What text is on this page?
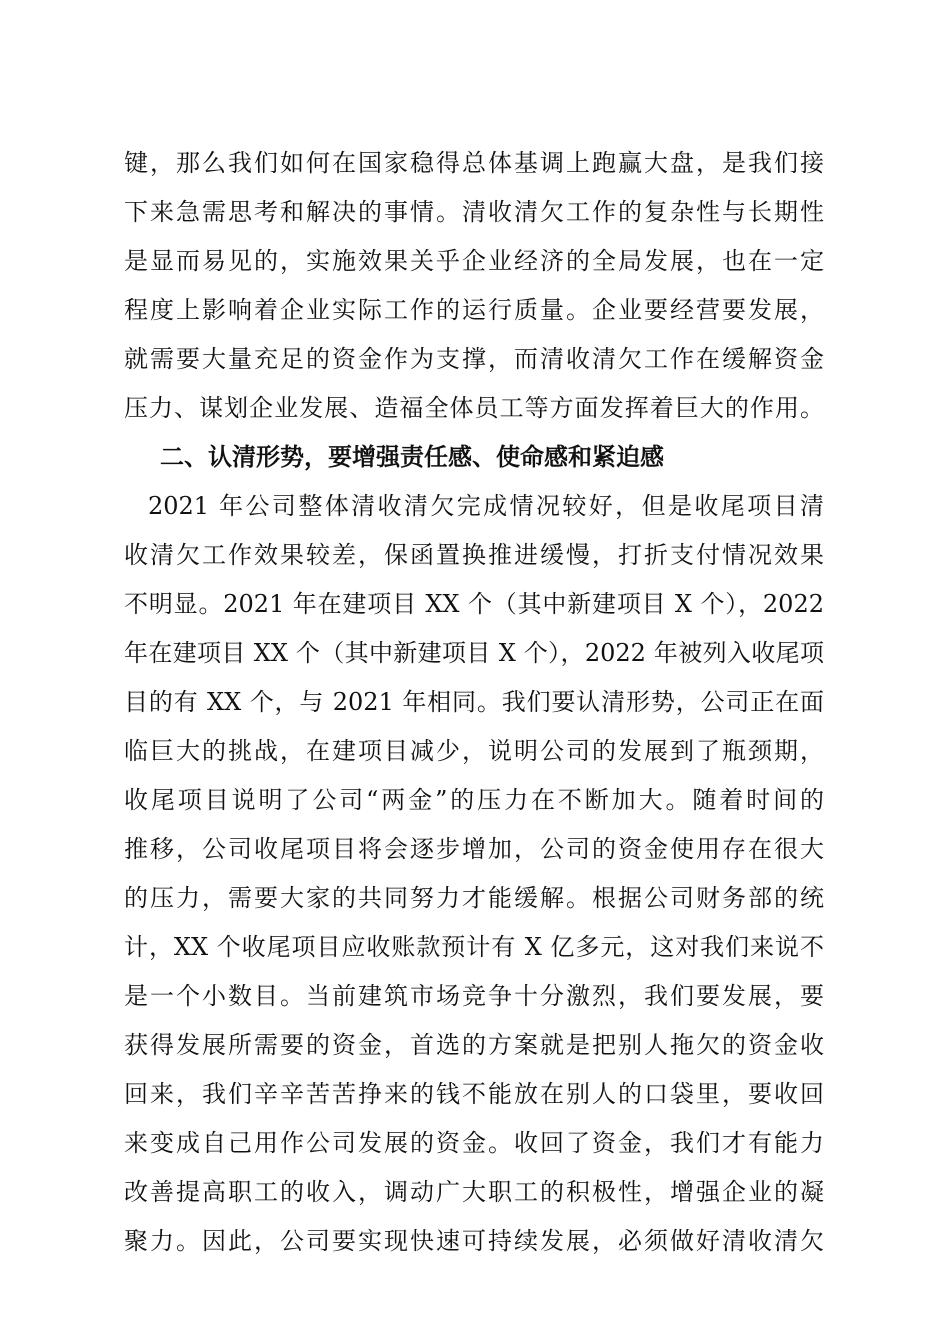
键，那么我们如何在国家稳得总体基调上跑赢大盘，是我们接
下来急需思考和解决的事情。清收清欠工作的复杂性与长期性
是显而易见的，实施效果关乎企业经济的全局发展，也在一定
程度上影响着企业实际工作的运行质量。企业要经营要发展，
就需要大量充足的资金作为支撑，而清收清欠工作在缓解资金
压力、谋划企业发展、造福全体员工等方面发挥着巨大的作用。
二、认清形势，要增强责任感、使命感和紧迫感
2021 年公司整体清收清欠完成情况较好，但是收尾项目清
收清欠工作效果较差，保函置换推进缓慢，打折支付情况效果
不明显。2021 年在建项目 XX 个（其中新建项目 X 个），2022
年在建项目 XX 个（其中新建项目 X 个），2022 年被列入收尾项
目的有 XX 个，与 2021 年相同。我们要认清形势，公司正在面
临巨大的挑战，在建项目减少，说明公司的发展到了瓶颈期，
收尾项目说明了公司“两金”的压力在不断加大。随着时间的
推移，公司收尾项目将会逐步增加，公司的资金使用存在很大
的压力，需要大家的共同努力才能缓解。根据公司财务部的统
计，XX 个收尾项目应收账款预计有 X 亿多元，这对我们来说不
是一个小数目。当前建筑市场竞争十分激烈，我们要发展，要
获得发展所需要的资金，首选的方案就是把别人拖欠的资金收
回来，我们辛辛苦苦挣来的钱不能放在别人的口袋里，要收回
来变成自己用作公司发展的资金。收回了资金，我们才有能力
改善提高职工的收入，调动广大职工的积极性，增强企业的凝
聚力。因此，公司要实现快速可持续发展，必须做好清收清欠
